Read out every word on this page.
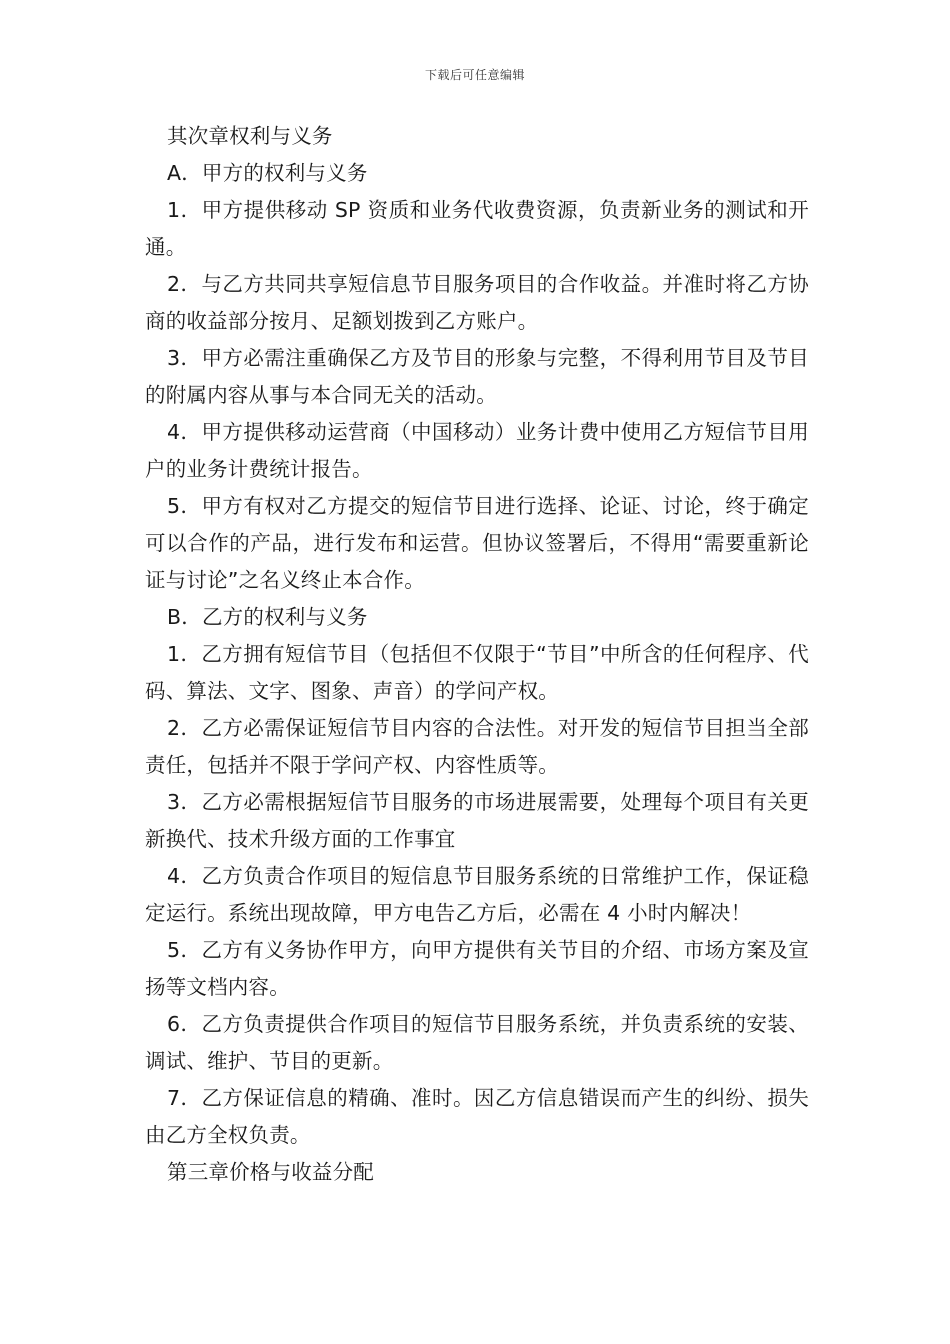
下载后可任意编辑

其次章权利与义务

A．甲方的权利与义务

1．甲方提供移动 SP 资质和业务代收费资源，负责新业务的测试和开通。

2．与乙方共同共享短信息节目服务项目的合作收益。并准时将乙方协商的收益部分按月、足额划拨到乙方账户。

3．甲方必需注重确保乙方及节目的形象与完整，不得利用节目及节目的附属内容从事与本合同无关的活动。

4．甲方提供移动运营商（中国移动）业务计费中使用乙方短信节目用户的业务计费统计报告。

5．甲方有权对乙方提交的短信节目进行选择、论证、讨论，终于确定可以合作的产品，进行发布和运营。但协议签署后，不得用“需要重新论证与讨论”之名义终止本合作。

B．乙方的权利与义务

1．乙方拥有短信节目（包括但不仅限于“节目”中所含的任何程序、代码、算法、文字、图象、声音）的学问产权。

2．乙方必需保证短信节目内容的合法性。对开发的短信节目担当全部责任，包括并不限于学问产权、内容性质等。

3．乙方必需根据短信节目服务的市场进展需要，处理每个项目有关更新换代、技术升级方面的工作事宜

4．乙方负责合作项目的短信息节目服务系统的日常维护工作，保证稳定运行。系统出现故障，甲方电告乙方后，必需在 4 小时内解决！

5．乙方有义务协作甲方，向甲方提供有关节目的介绍、市场方案及宣扬等文档内容。

6．乙方负责提供合作项目的短信节目服务系统，并负责系统的安装、调试、维护、节目的更新。

7．乙方保证信息的精确、准时。因乙方信息错误而产生的纠纷、损失由乙方全权负责。

第三章价格与收益分配
